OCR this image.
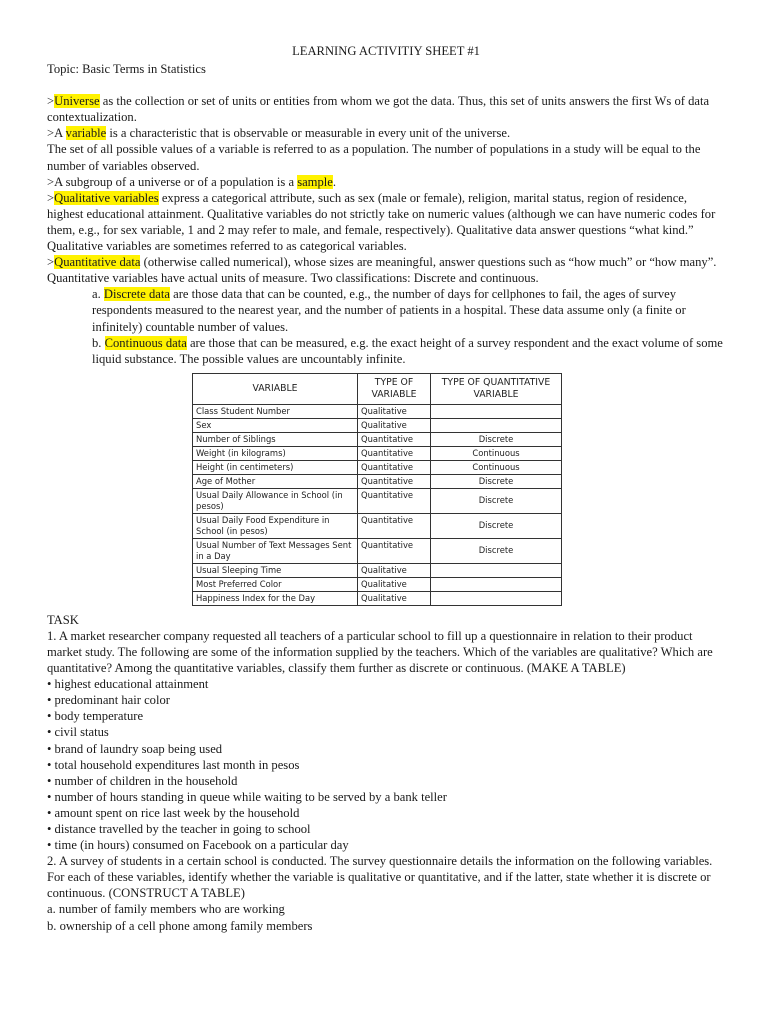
LEARNING ACTIVITIY SHEET #1

Topic: Basic Terms in Statistics

>Universe as the collection or set of units or entities from whom we got the data. Thus, this set of units answers the first Ws of data contextualization.

>A variable is a characteristic that is observable or measurable in every unit of the universe.

The set of all possible values of a variable is referred to as a population. The number of populations in a study will be equal to the number of variables observed.

>A subgroup of a universe or of a population is a sample.

>Qualitative variables express a categorical attribute, such as sex (male or female), religion, marital status, region of residence, highest educational attainment. Qualitative variables do not strictly take on numeric values (although we can have numeric codes for them, e.g., for sex variable, 1 and 2 may refer to male, and female, respectively). Qualitative data answer questions “what kind.” Qualitative variables are sometimes referred to as categorical variables.

>Quantitative data (otherwise called numerical), whose sizes are meaningful, answer questions such as “how much” or “how many”. Quantitative variables have actual units of measure. Two classifications: Discrete and continuous.

a. Discrete data are those data that can be counted, e.g., the number of days for cellphones to fail, the ages of survey respondents measured to the nearest year, and the number of patients in a hospital. These data assume only (a finite or infinitely) countable number of values.

b. Continuous data are those that can be measured, e.g. the exact height of a survey respondent and the exact volume of some liquid substance. The possible values are uncountably infinite.

VARIABLE	TYPE OF VARIABLE	TYPE OF QUANTITATIVE VARIABLE
Class Student Number	Qualitative	
Sex	Qualitative	
Number of Siblings	Quantitative	Discrete
Weight (in kilograms)	Quantitative	Continuous
Height (in centimeters)	Quantitative	Continuous
Age of Mother	Quantitative	Discrete
Usual Daily Allowance in School (in pesos)	Quantitative	Discrete
Usual Daily Food Expenditure in School (in pesos)	Quantitative	Discrete
Usual Number of Text Messages Sent in a Day	Quantitative	Discrete
Usual Sleeping Time	Qualitative	
Most Preferred Color	Qualitative	
Happiness Index for the Day	Qualitative	

TASK

1. A market researcher company requested all teachers of a particular school to fill up a questionnaire in relation to their product market study. The following are some of the information supplied by the teachers. Which of the variables are qualitative? Which are quantitative? Among the quantitative variables, classify them further as discrete or continuous. (MAKE A TABLE)

• highest educational attainment
• predominant hair color
• body temperature
• civil status
• brand of laundry soap being used
• total household expenditures last month in pesos
• number of children in the household
• number of hours standing in queue while waiting to be served by a bank teller
• amount spent on rice last week by the household
• distance travelled by the teacher in going to school
• time (in hours) consumed on Facebook on a particular day

2. A survey of students in a certain school is conducted. The survey questionnaire details the information on the following variables. For each of these variables, identify whether the variable is qualitative or quantitative, and if the latter, state whether it is discrete or continuous. (CONSTRUCT A TABLE)

a. number of family members who are working
b. ownership of a cell phone among family members
